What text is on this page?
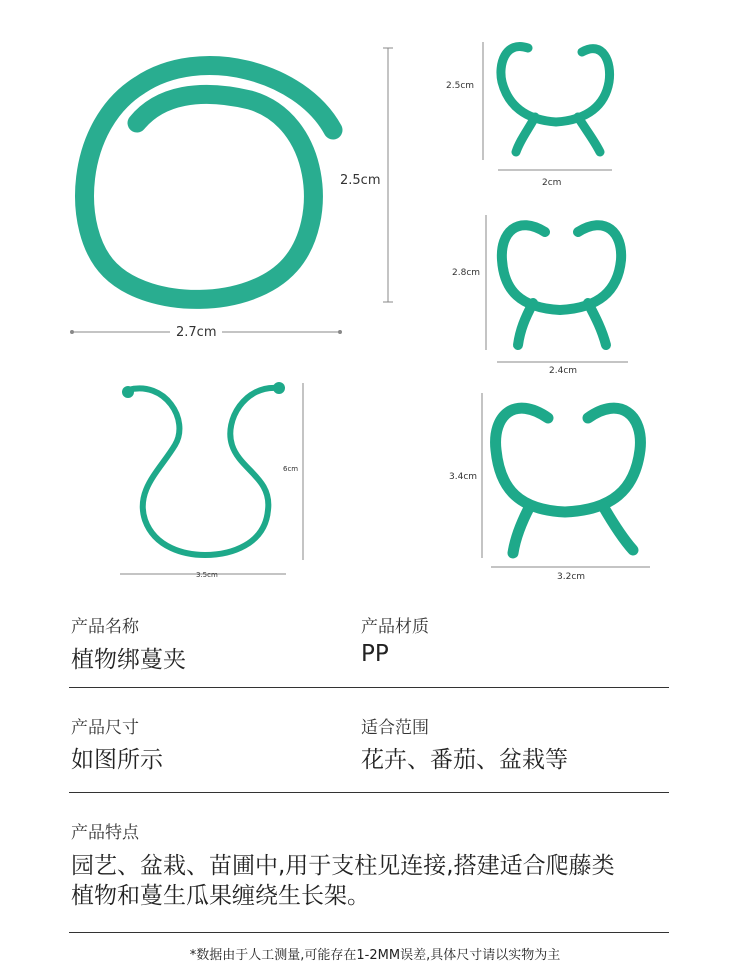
2.5cm
2.7cm
2.5cm
2cm
2.8cm
2.4cm
3.4cm
3.2cm
6cm
3.5cm
产品名称
植物绑蔓夹
产品材质
PP
产品尺寸
如图所示
适合范围
花卉、番茄、盆栽等
产品特点
园艺、盆栽、苗圃中,用于支柱见连接,搭建适合爬藤类
植物和蔓生瓜果缠绕生长架。
*数据由于人工测量,可能存在1-2MM误差,具体尺寸请以实物为主
